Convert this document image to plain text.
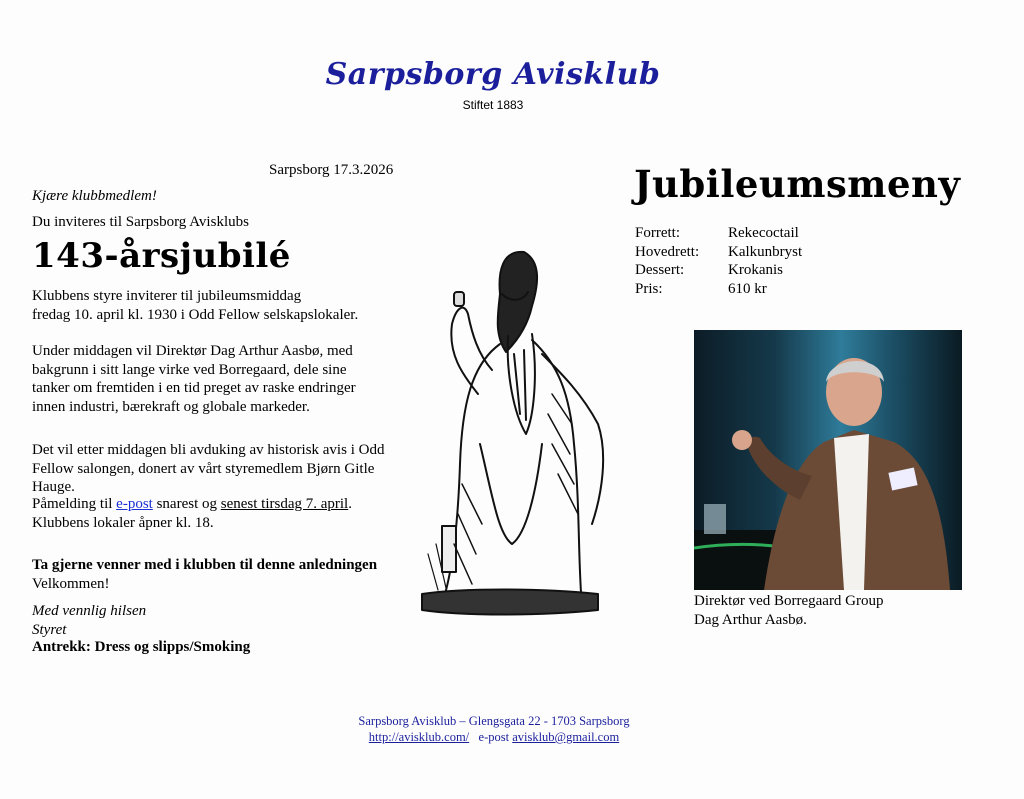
Sarpsborg Avisklub
Stiftet 1883
Sarpsborg 17.3.2026
Kjære klubbmedlem!
Du inviteres til Sarpsborg Avisklubs
143-årsjubilé
Klubbens styre inviterer til jubileumsmiddag
fredag 10. april kl. 1930 i Odd Fellow selskapslokaler.
Under middagen vil Direktør Dag Arthur Aasbø, med bakgrunn i sitt lange virke ved Borregaard, dele sine tanker om fremtiden i en tid preget av raske endringer innen industri, bærekraft og globale markeder.
Det vil etter middagen bli avduking av historisk avis i Odd Fellow salongen, donert av vårt styremedlem Bjørn Gitle Hauge.
Påmelding til e-post snarest og senest tirsdag 7. april.
Klubbens lokaler åpner kl. 18.
Ta gjerne venner med i klubben til denne anledningen
Velkommen!
Med vennlig hilsen
Styret
Antrekk: Dress og slipps/Smoking
Jubileumsmeny
Forrett:	Rekecoctail
Hovedrett:	Kalkunbryst
Dessert:	Krokanis
Pris:	610 kr
Direktør ved Borregaard Group
Dag Arthur Aasbø.
Sarpsborg Avisklub – Glengsgata 22 - 1703 Sarpsborg
http://avisklub.com/ e-post avisklub@gmail.com
